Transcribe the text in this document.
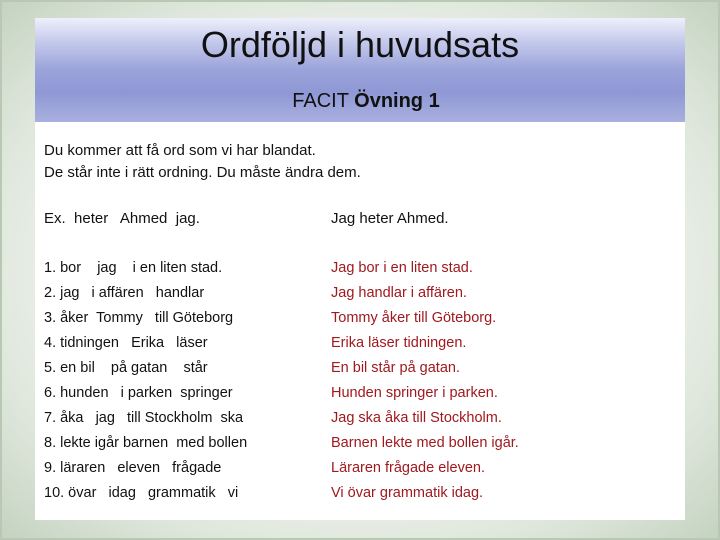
Ordföljd i huvudsats
FACIT Övning 1
Du kommer att få ord som vi har blandat.
De står inte i rätt ordning. Du måste ändra dem.
Ex.  heter   Ahmed  jag.	Jag heter Ahmed.
1. bor    jag    i en liten stad.	Jag bor i en liten stad.
2. jag   i affären   handlar	Jag handlar i affären.
3. åker  Tommy   till Göteborg	Tommy åker till Göteborg.
4. tidningen   Erika   läser	Erika läser tidningen.
5. en bil    på gatan    står	En bil står på gatan.
6. hunden   i parken  springer	Hunden springer i parken.
7. åka   jag   till Stockholm  ska	Jag ska åka till Stockholm.
8. lekte igår barnen  med bollen	Barnen lekte med bollen igår.
9. läraren   eleven   frågade	Läraren frågade eleven.
10. övar   idag   grammatik   vi	Vi övar grammatik idag.
